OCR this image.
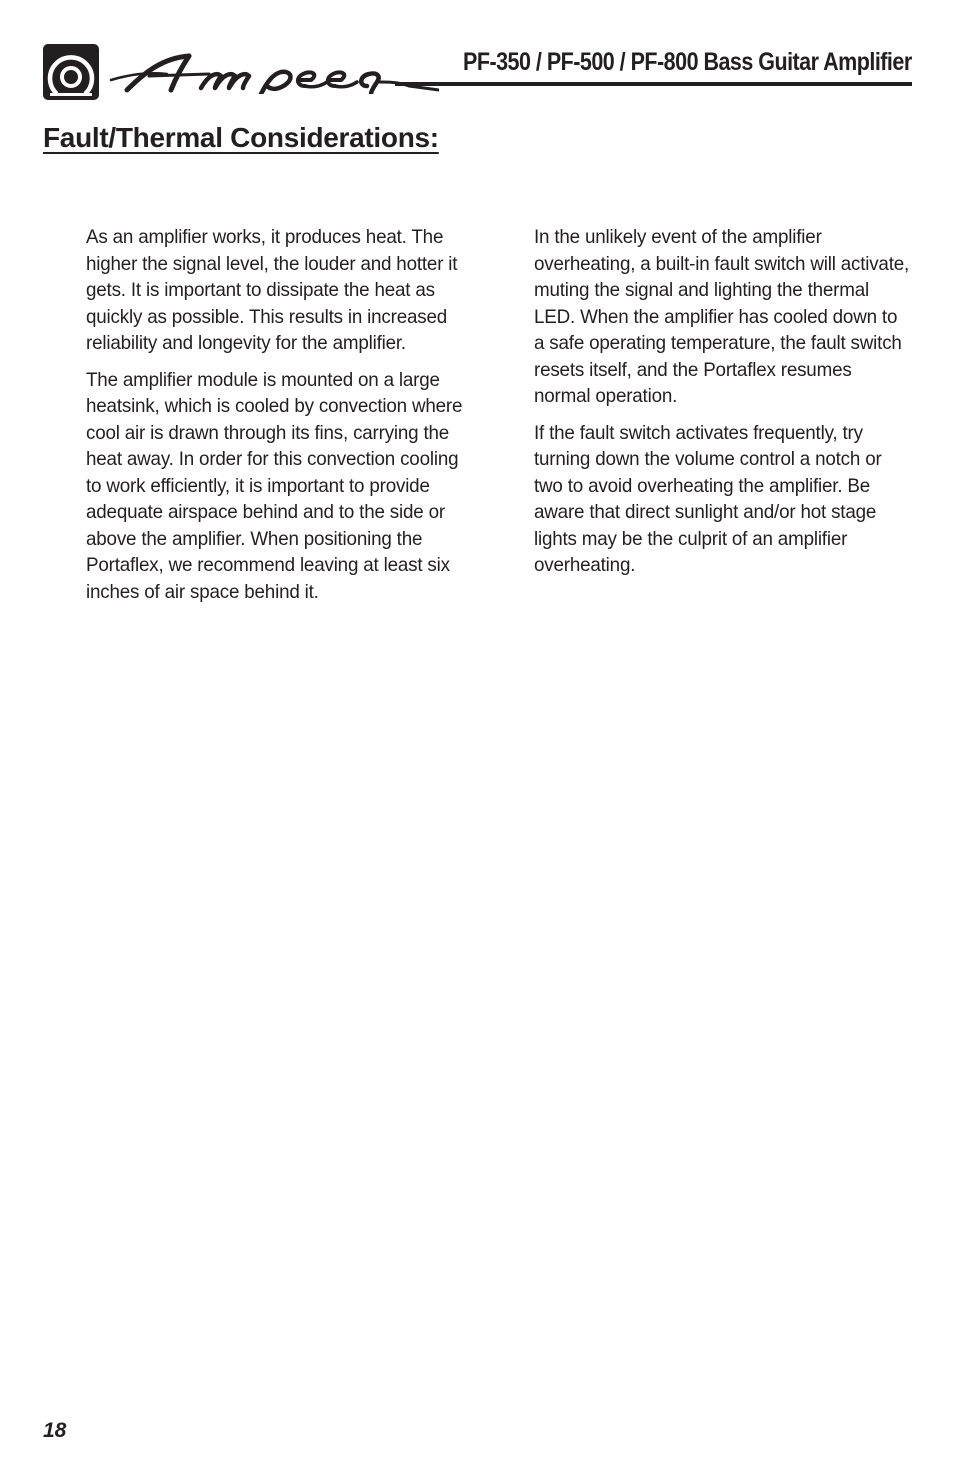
PF-350 / PF-500 / PF-800 Bass Guitar Amplifier
Fault/Thermal Considerations:

As an amplifier works, it produces heat. The higher the signal level, the louder and hotter it gets. It is important to dissipate the heat as quickly as possible. This results in increased reliability and longevity for the amplifier.

The amplifier module is mounted on a large heatsink, which is cooled by convection where cool air is drawn through its fins, carrying the heat away. In order for this convection cooling to work efficiently, it is important to provide adequate airspace behind and to the side or above the amplifier. When positioning the Portaflex, we recommend leaving at least six inches of air space behind it.

In the unlikely event of the amplifier overheating, a built-in fault switch will activate, muting the signal and lighting the thermal LED. When the amplifier has cooled down to a safe operating temperature, the fault switch resets itself, and the Portaflex resumes normal operation.

If the fault switch activates frequently, try turning down the volume control a notch or two to avoid overheating the amplifier. Be aware that direct sunlight and/or hot stage lights may be the culprit of an amplifier overheating.

18
